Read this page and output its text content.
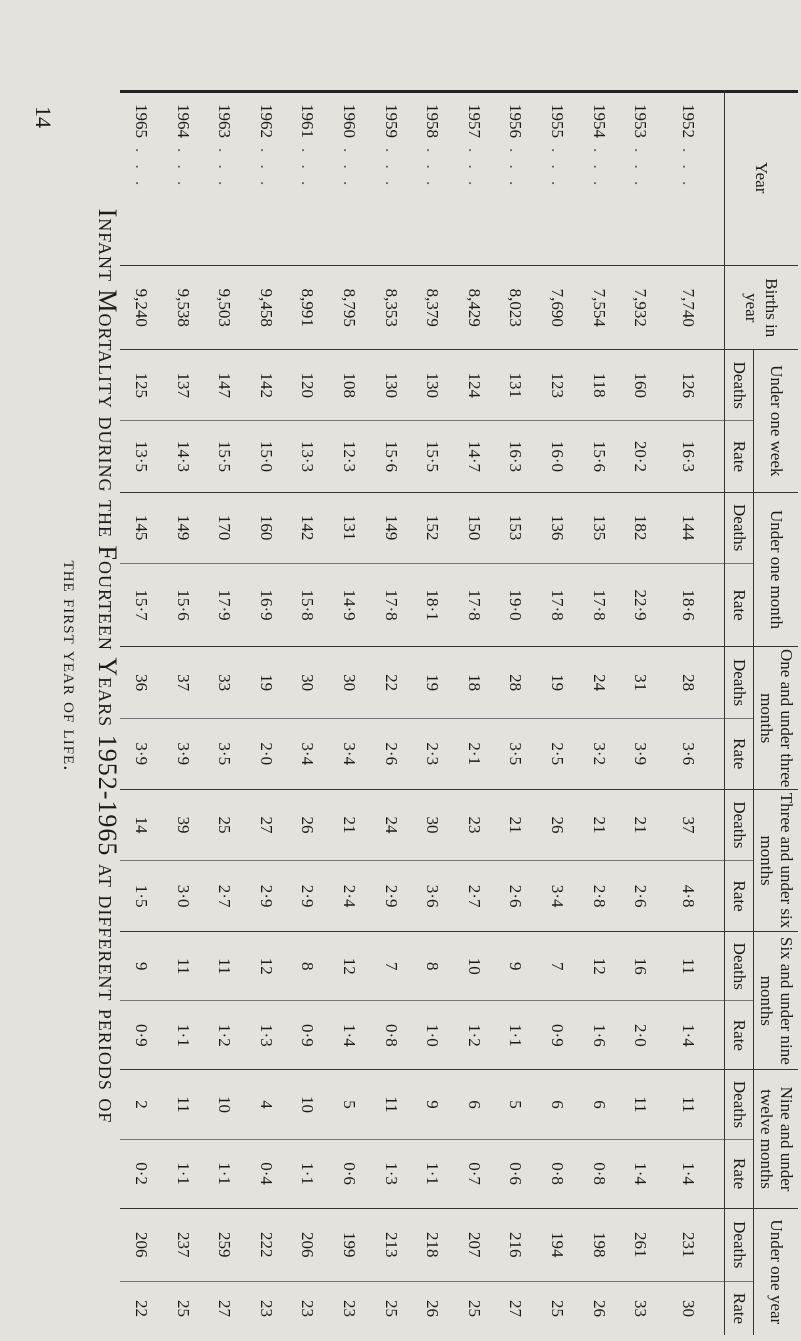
14
Infant Mortality during the Fourteen Years 1952-1965 at different periods of
the first year of life.
Year	Births in year	Under one week		Under one month		One and under three months		Three and under six months		Six and under nine months		Nine and under twelve months		Under one year	
		Deaths	Rate	Deaths	Rate	Deaths	Rate	Deaths	Rate	Deaths	Rate	Deaths	Rate	Deaths	Rate
1952. . .	7,740	126	16·3	144	18·6	28	3·6	37	4·8	11	1·4	11	1·4	231	30
1953. . .	7,932	160	20·2	182	22·9	31	3·9	21	2·6	16	2·0	11	1·4	261	33
1954. . .	7,554	118	15·6	135	17·8	24	3·2	21	2·8	12	1·6	6	0·8	198	26
1955. . .	7,690	123	16·0	136	17·8	19	2·5	26	3·4	7	0·9	6	0·8	194	25
1956. . .	8,023	131	16·3	153	19·0	28	3·5	21	2·6	9	1·1	5	0·6	216	27
1957. . .	8,429	124	14·7	150	17·8	18	2·1	23	2·7	10	1·2	6	0·7	207	25
1958. . .	8,379	130	15·5	152	18·1	19	2·3	30	3·6	8	1·0	9	1·1	218	26
1959. . .	8,353	130	15·6	149	17·8	22	2·6	24	2·9	7	0·8	11	1·3	213	25
1960. . .	8,795	108	12·3	131	14·9	30	3·4	21	2·4	12	1·4	5	0·6	199	23
1961. . .	8,991	120	13·3	142	15·8	30	3·4	26	2·9	8	0·9	10	1·1	206	23
1962. . .	9,458	142	15·0	160	16·9	19	2·0	27	2·9	12	1·3	4	0·4	222	23
1963. . .	9,503	147	15·5	170	17·9	33	3·5	25	2·7	11	1·2	10	1·1	259	27
1964. . .	9,538	137	14·3	149	15·6	37	3·9	39	3·0	11	1·1	11	1·1	237	25
1965. . .	9,240	125	13·5	145	15·7	36	3·9	14	1·5	9	0·9	2	0·2	206	22
